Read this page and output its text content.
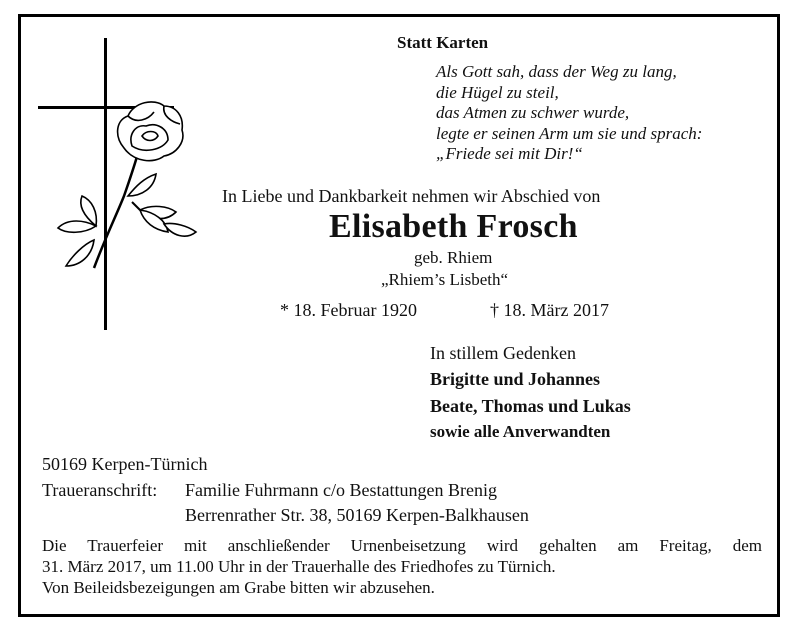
Statt Karten
Als Gott sah, dass der Weg zu lang,
die Hügel zu steil,
das Atmen zu schwer wurde,
legte er seinen Arm um sie und sprach:
„Friede sei mit Dir!“
In Liebe und Dankbarkeit nehmen wir Abschied von
Elisabeth Frosch
geb. Rhiem
„Rhiem’s Lisbeth“
* 18. Februar 1920	† 18. März 2017
In stillem Gedenken
Brigitte und Johannes
Beate, Thomas und Lukas
sowie alle Anverwandten
50169 Kerpen-Türnich
Traueranschrift: Familie Fuhrmann c/o Bestattungen Brenig
Berrenrather Str. 38, 50169 Kerpen-Balkhausen
Die Trauerfeier mit anschließender Urnenbeisetzung wird gehalten am Freitag, dem
31. März 2017, um 11.00 Uhr in der Trauerhalle des Friedhofes zu Türnich.
Von Beileidsbezeigungen am Grabe bitten wir abzusehen.
